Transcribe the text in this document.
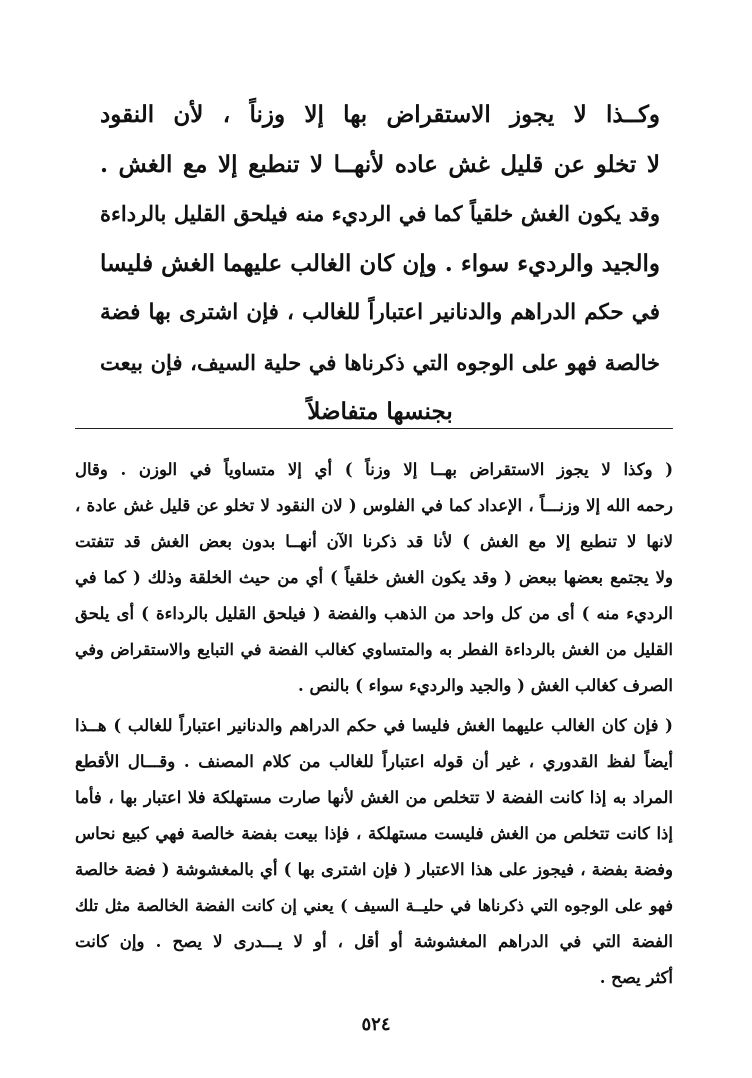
وكــذا لا يجوز الاستقراض بها إلا وزناً ، لأن النقود
لا تخلو عن قليل غش عاده لأنهــا لا تنطبع إلا مع الغش .
وقد يكون الغش خلقياً كما في الرديء منه فيلحق القليل بالرداءة
والجيد والرديء سواء . وإن كان الغالب عليهما الغش فليسا
في حكم الدراهم والدنانير اعتباراً للغالب ، فإن اشترى بها فضة
خالصة فهو على الوجوه التي ذكرناها في حلية السيف، فإن بيعت
بجنسها متفاضلاً
( وكذا لا يجوز الاستقراض بهــا إلا وزناً ) أي إلا متساوياً في الوزن . وقال
رحمه الله إلا وزنـــاً ، الإعداد كما في الفلوس ( لان النقود لا تخلو عن قليل غش عادة ،
لانها لا تنطبع إلا مع الغش ) لأنا قد ذكرنا الآن أنهــا بدون بعض الغش قد تتفتت
ولا يجتمع بعضها ببعض ( وقد يكون الغش خلقياً ) أي من حيث الخلقة وذلك ( كما في
الرديء منه ) أى من كل واحد من الذهب والفضة ( فيلحق القليل بالرداءة ) أى يلحق
القليل من الغش بالرداءة الفطر به والمتساوي كغالب الفضة في التبايع والاستقراض وفي
الصرف كغالب الغش ( والجيد والرديء سواء ) بالنص .
( فإن كان الغالب عليهما الغش فليسا في حكم الدراهم والدنانير اعتباراً للغالب ) هــذا
أيضاً لفظ القدوري ، غير أن قوله اعتباراً للغالب من كلام المصنف . وقـــال الأقطع
المراد به إذا كانت الفضة لا تتخلص من الغش لأنها صارت مستهلكة فلا اعتبار بها ، فأما
إذا كانت تتخلص من الغش فليست مستهلكة ، فإذا بيعت بفضة خالصة فهي كبيع نحاس
وفضة بفضة ، فيجوز على هذا الاعتبار ( فإن اشترى بها ) أي بالمغشوشة ( فضة خالصة
فهو على الوجوه التي ذكرناها في حليــة السيف ) يعني إن كانت الفضة الخالصة مثل تلك
الفضة التي في الدراهم المغشوشة أو أقل ، أو لا يـــدرى لا يصح . وإن كانت
أكثر يصح .
٥٢٤
